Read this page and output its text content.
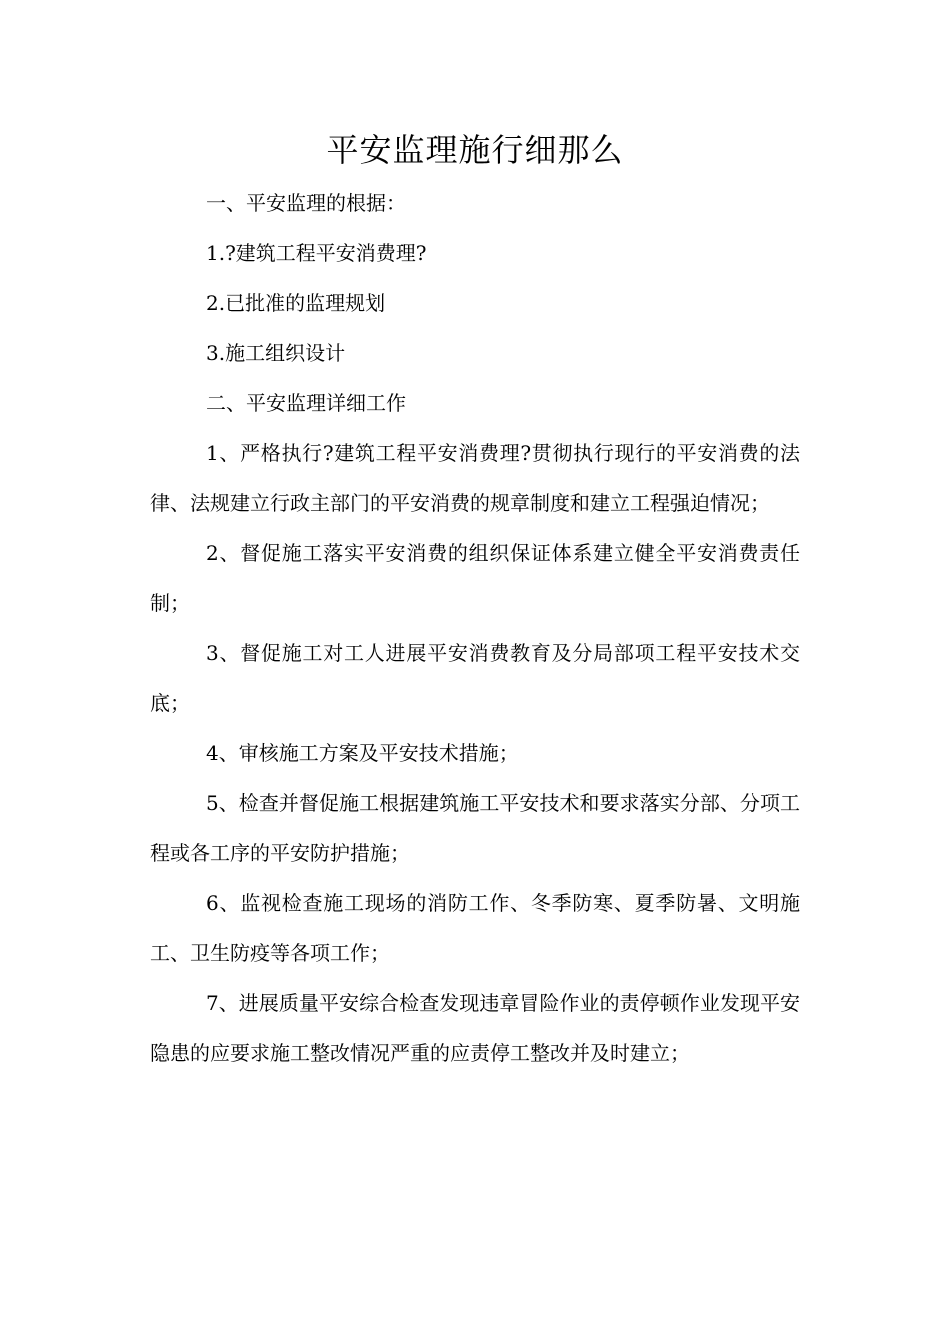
平安监理施行细那么

一、平安监理的根据：

1.?建筑工程平安消费理?

2.已批准的监理规划

3.施工组织设计

二、平安监理详细工作

1、严格执行?建筑工程平安消费理?贯彻执行现行的平安消费的法律、法规建立行政主部门的平安消费的规章制度和建立工程强迫情况；

2、督促施工落实平安消费的组织保证体系建立健全平安消费责任制；

3、督促施工对工人进展平安消费教育及分局部项工程平安技术交底；

4、审核施工方案及平安技术措施；

5、检查并督促施工根据建筑施工平安技术和要求落实分部、分项工程或各工序的平安防护措施；

6、监视检查施工现场的消防工作、冬季防寒、夏季防暑、文明施工、卫生防疫等各项工作；

7、进展质量平安综合检查发现违章冒险作业的责停顿作业发现平安隐患的应要求施工整改情况严重的应责停工整改并及时建立；
